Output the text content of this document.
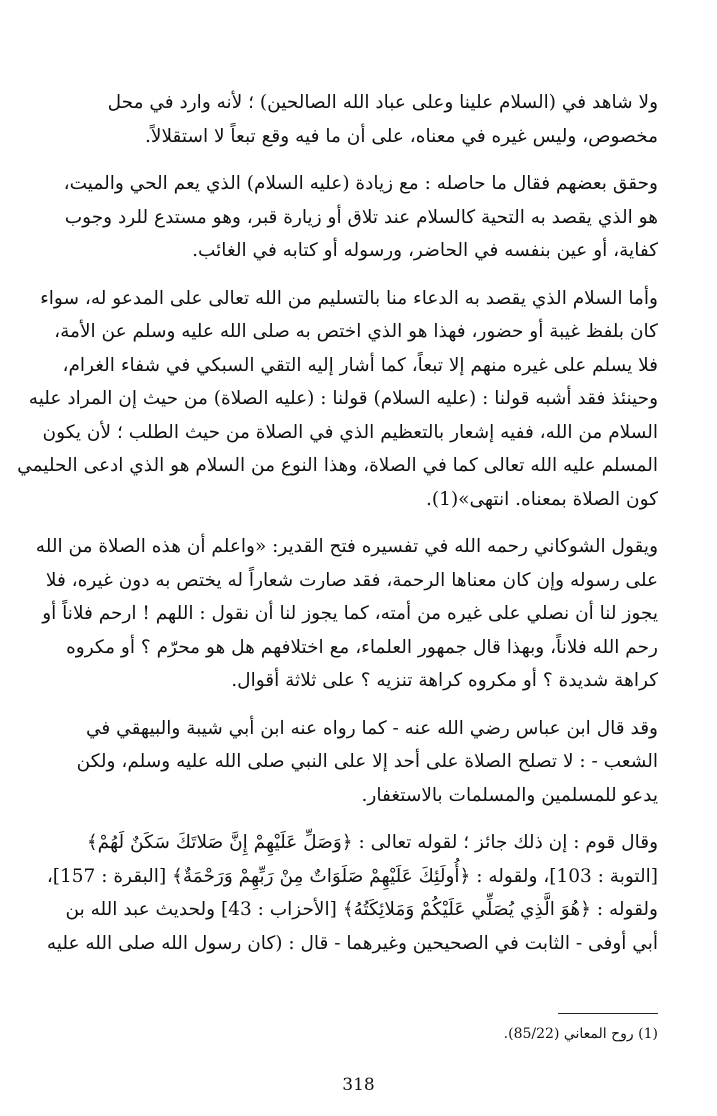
ولا شاهد في (السلام علينا وعلى عباد الله الصالحين) ؛ لأنه وارد في محل
مخصوص، وليس غيره في معناه، على أن ما فيه وقع تبعاً لا استقلالاً.

وحقق بعضهم فقال ما حاصله : مع زيادة (عليه السلام) الذي يعم الحي والميت،
هو الذي يقصد به التحية كالسلام عند تلاق أو زيارة قبر، وهو مستدع للرد وجوب
كفاية، أو عين بنفسه في الحاضر، ورسوله أو كتابه في الغائب.

وأما السلام الذي يقصد به الدعاء منا بالتسليم من الله تعالى على المدعو له، سواء
كان بلفظ غيبة أو حضور، فهذا هو الذي اختص به صلى الله عليه وسلم عن الأمة،
فلا يسلم على غيره منهم إلا تبعاً، كما أشار إليه التقي السبكي في شفاء الغرام،
وحينئذ فقد أشبه قولنا : (عليه السلام) قولنا : (عليه الصلاة) من حيث إن المراد عليه
السلام من الله، ففيه إشعار بالتعظيم الذي في الصلاة من حيث الطلب ؛ لأن يكون
المسلم عليه الله تعالى كما في الصلاة، وهذا النوع من السلام هو الذي ادعى الحليمي
كون الصلاة بمعناه. انتهى»(1).

ويقول الشوكاني رحمه الله في تفسيره فتح القدير: «واعلم أن هذه الصلاة من الله
على رسوله وإن كان معناها الرحمة، فقد صارت شعاراً له يختص به دون غيره، فلا
يجوز لنا أن نصلي على غيره من أمته، كما يجوز لنا أن نقول : اللهم ! ارحم فلاناً أو
رحم الله فلاناً، وبهذا قال جمهور العلماء، مع اختلافهم هل هو محرّم ؟ أو مكروه
كراهة شديدة ؟ أو مكروه كراهة تنزيه ؟ على ثلاثة أقوال.

وقد قال ابن عباس رضي الله عنه - كما رواه عنه ابن أبي شيبة والبيهقي في
الشعب - : لا تصلح الصلاة على أحد إلا على النبي صلى الله عليه وسلم، ولكن
يدعو للمسلمين والمسلمات بالاستغفار.

وقال قوم : إن ذلك جائز ؛ لقوله تعالى : ﴿وَصَلِّ عَلَيْهِمْ إِنَّ صَلاتَكَ سَكَنٌ لَهُمْ﴾
[التوبة : 103]، ولقوله : ﴿أُولَئِكَ عَلَيْهِمْ صَلَوَاتٌ مِنْ رَبِّهِمْ وَرَحْمَةٌ﴾ [البقرة : 157]،
ولقوله : ﴿هُوَ الَّذِي يُصَلِّي عَلَيْكُمْ وَمَلائِكَتُهُ﴾ [الأحزاب : 43] ولحديث عبد الله بن
أبي أوفى - الثابت في الصحيحين وغيرهما - قال : (كان رسول الله صلى الله عليه

(1) روح المعاني (85/22).
318
